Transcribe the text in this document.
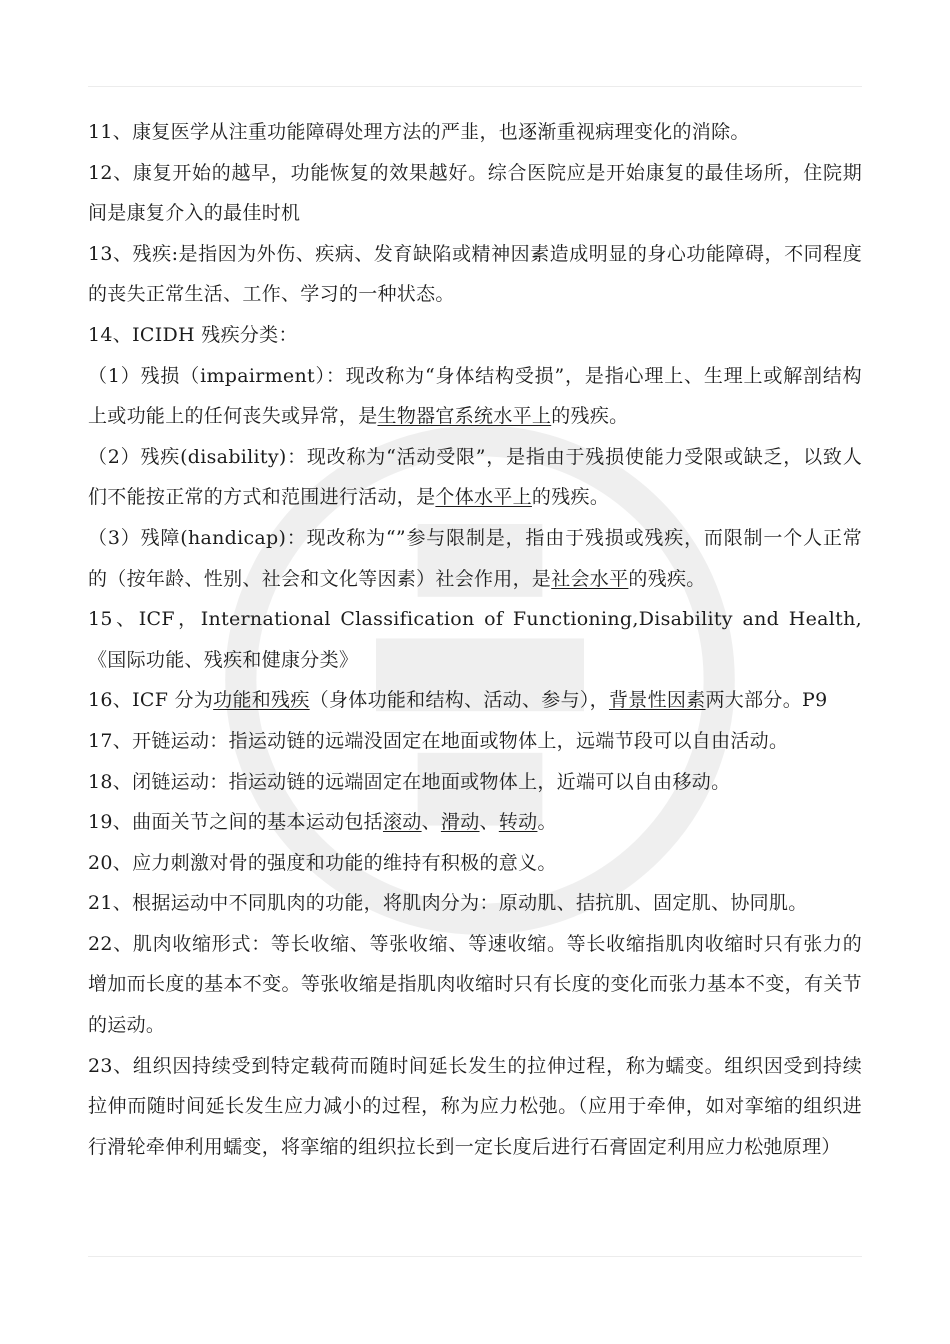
11、康复医学从注重功能障碍处理方法的严韭，也逐渐重视病理变化的消除。

12、康复开始的越早，功能恢复的效果越好。综合医院应是开始康复的最佳场所，住院期间是康复介入的最佳时机

13、残疾:是指因为外伤、疾病、发育缺陷或精神因素造成明显的身心功能障碍，不同程度的丧失正常生活、工作、学习的一种状态。

14、ICIDH 残疾分类：

（1）残损（impairment）：现改称为“身体结构受损”，是指心理上、生理上或解剖结构上或功能上的任何丧失或异常，是生物器官系统水平上的残疾。

（2）残疾(disability)：现改称为“活动受限”，是指由于残损使能力受限或缺乏，以致人们不能按正常的方式和范围进行活动，是个体水平上的残疾。

（3）残障(handicap)：现改称为“”参与限制是，指由于残损或残疾，而限制一个人正常的（按年龄、性别、社会和文化等因素）社会作用，是社会水平的残疾。

15、ICF，International Classification of Functioning,Disability and Health,《国际功能、残疾和健康分类》

16、ICF 分为功能和残疾（身体功能和结构、活动、参与），背景性因素两大部分。P9

17、开链运动：指运动链的远端没固定在地面或物体上，远端节段可以自由活动。

18、闭链运动：指运动链的远端固定在地面或物体上，近端可以自由移动。

19、曲面关节之间的基本运动包括滚动、滑动、转动。

20、应力刺激对骨的强度和功能的维持有积极的意义。

21、根据运动中不同肌肉的功能，将肌肉分为：原动肌、拮抗肌、固定肌、协同肌。

22、肌肉收缩形式：等长收缩、等张收缩、等速收缩。等长收缩指肌肉收缩时只有张力的增加而长度的基本不变。等张收缩是指肌肉收缩时只有长度的变化而张力基本不变，有关节的运动。

23、组织因持续受到特定载荷而随时间延长发生的拉伸过程，称为蠕变。组织因受到持续拉伸而随时间延长发生应力减小的过程，称为应力松弛。（应用于牵伸，如对挛缩的组织进行滑轮牵伸利用蠕变，将挛缩的组织拉长到一定长度后进行石膏固定利用应力松弛原理）
